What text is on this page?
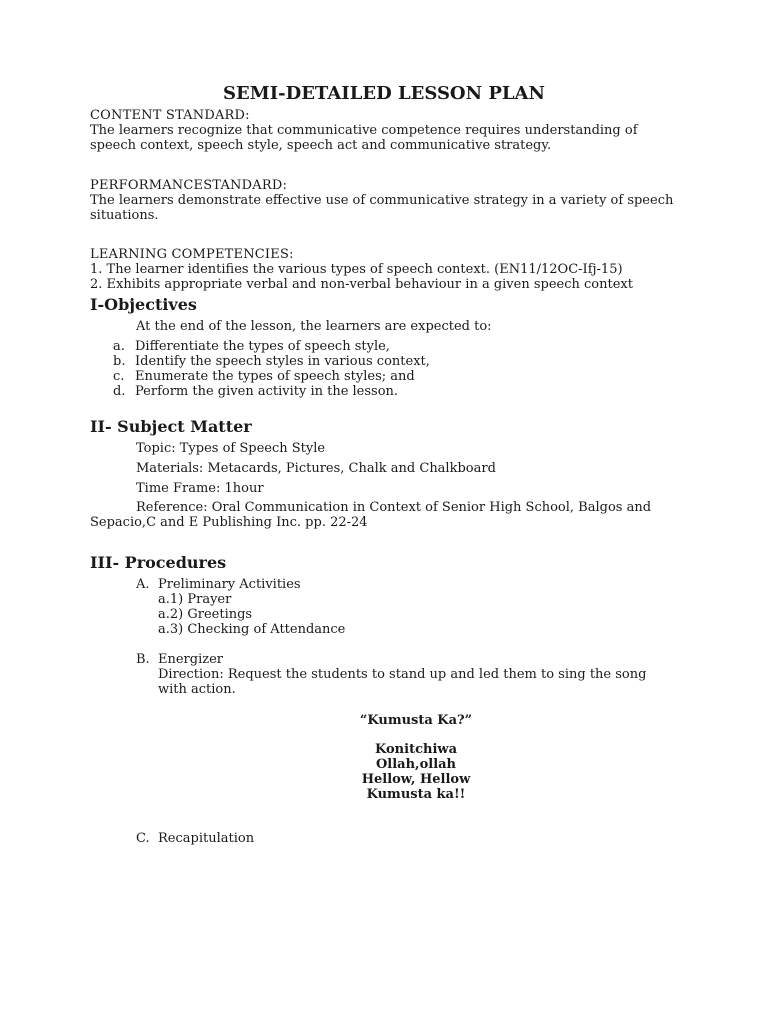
SEMI-DETAILED LESSON PLAN
CONTENT STANDARD:
The learners recognize that communicative competence requires understanding of
speech context, speech style, speech act and communicative strategy.
PERFORMANCESTANDARD:
The learners demonstrate effective use of communicative strategy in a variety of speech
situations.
LEARNING COMPETENCIES:
1. The learner identifies the various types of speech context. (EN11/12OC-Ifj-15)
2. Exhibits appropriate verbal and non-verbal behaviour in a given speech context
I-Objectives
At the end of the lesson, the learners are expected to:
a. Differentiate the types of speech style,
b. Identify the speech styles in various context,
c. Enumerate the types of speech styles; and
d. Perform the given activity in the lesson.
II- Subject Matter
Topic: Types of Speech Style
Materials: Metacards, Pictures, Chalk and Chalkboard
Time Frame: 1hour
Reference: Oral Communication in Context of Senior High School, Balgos and
Sepacio,C and E Publishing Inc. pp. 22-24
III- Procedures
A. Preliminary Activities
a.1) Prayer
a.2) Greetings
a.3) Checking of Attendance
B. Energizer
Direction: Request the students to stand up and led them to sing the song
with action.
“Kumusta Ka?”
Konitchiwa
Ollah,ollah
Hellow, Hellow
Kumusta ka!!
C. Recapitulation
